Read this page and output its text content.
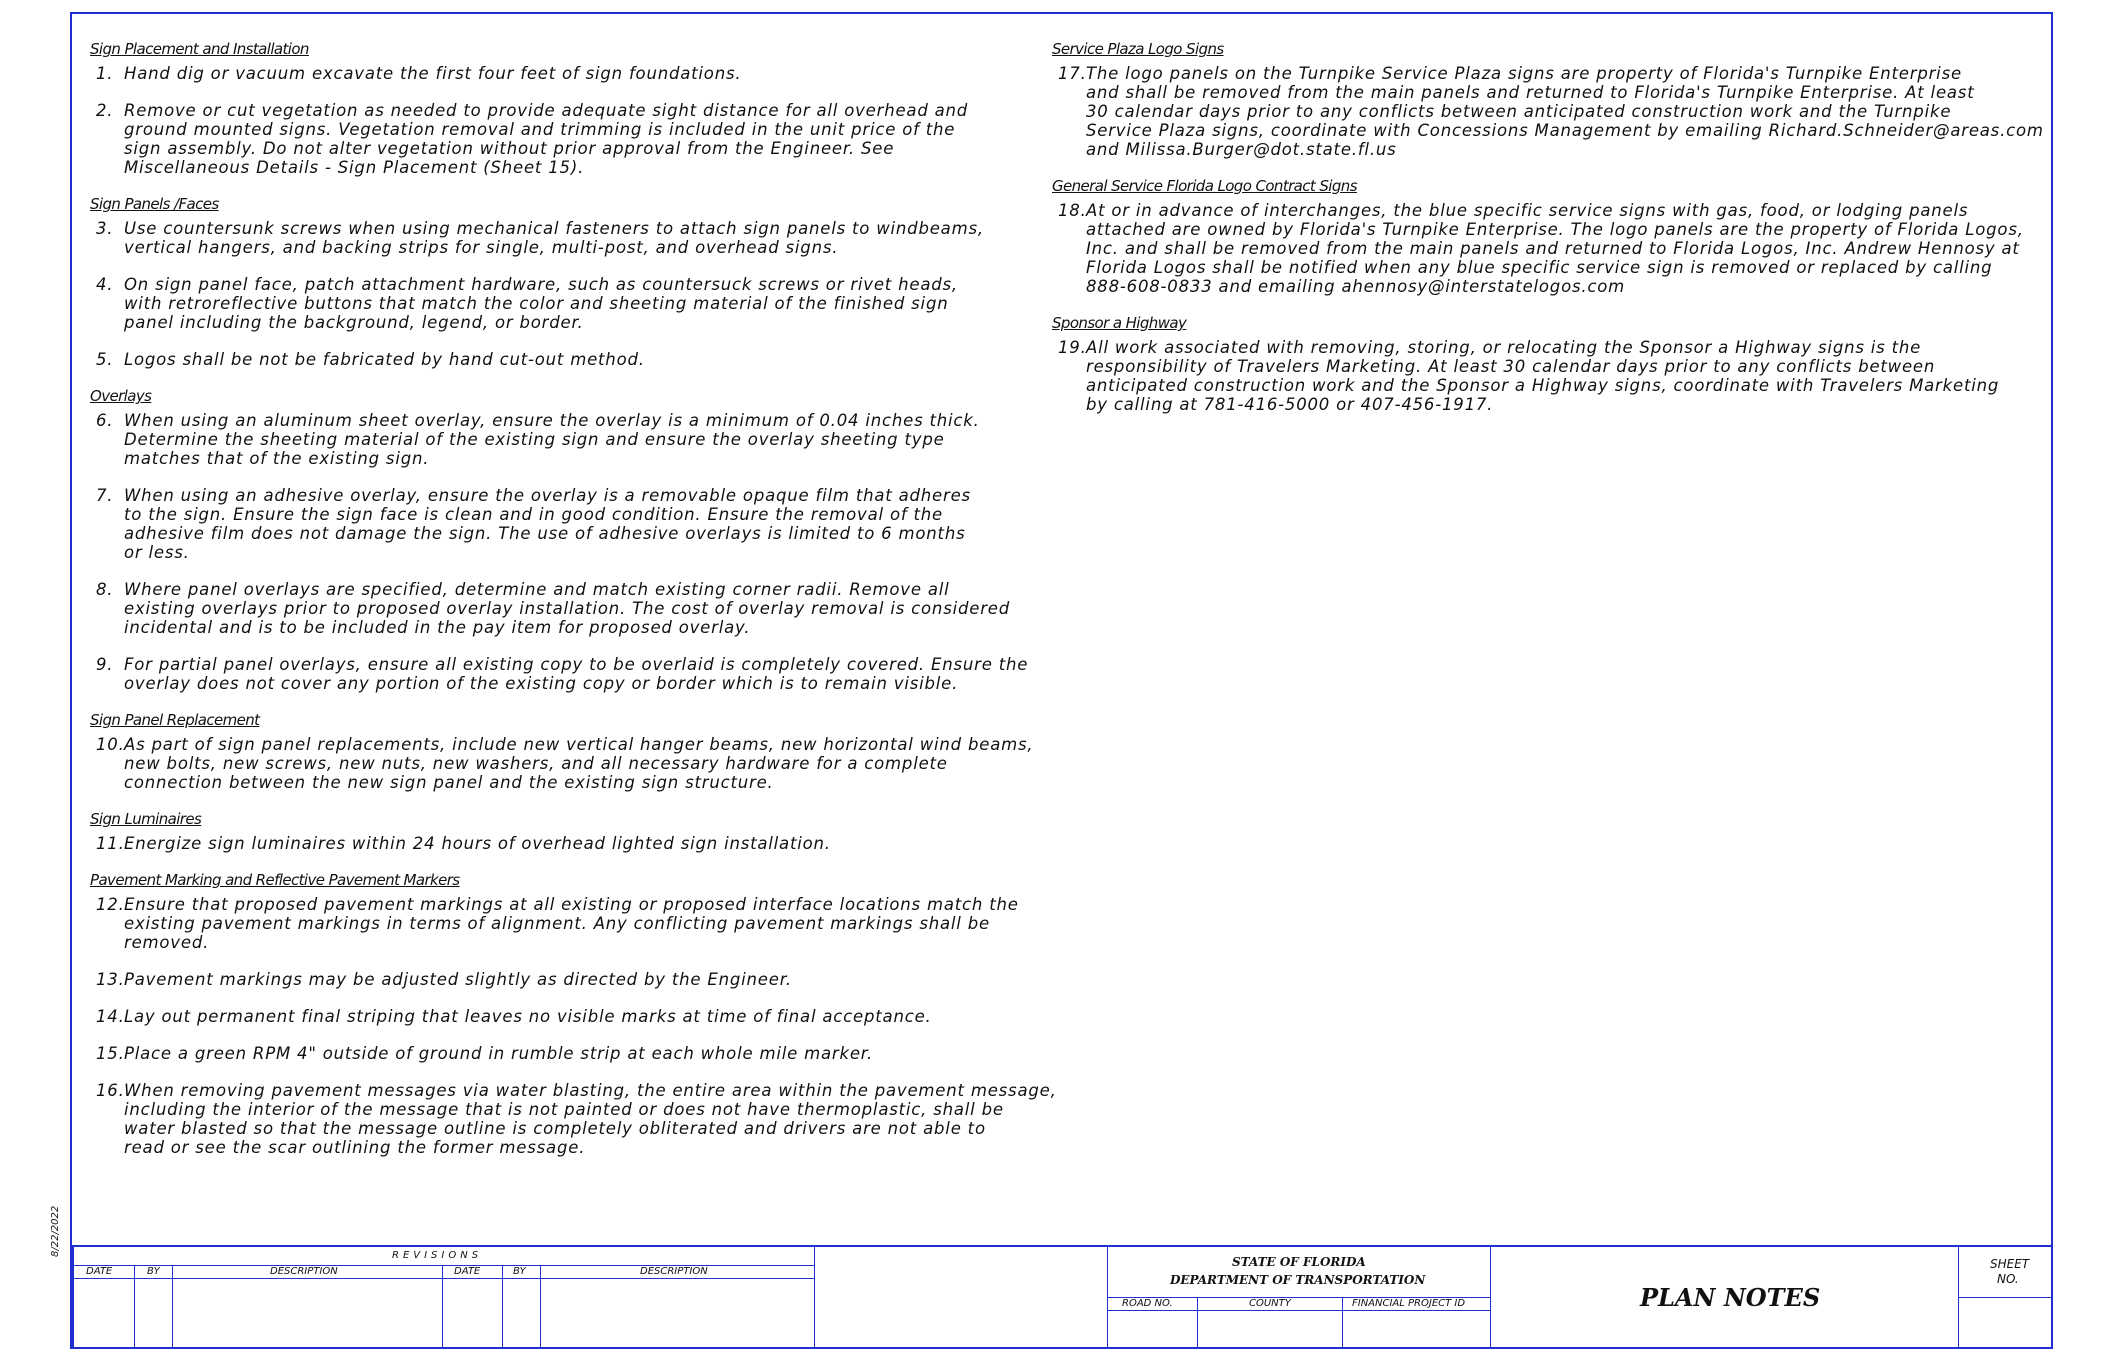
8/22/2022
Sign Placement and Installation
1. Hand dig or vacuum excavate the first four feet of sign foundations.
2. Remove or cut vegetation as needed to provide adequate sight distance for all overhead and
ground mounted signs. Vegetation removal and trimming is included in the unit price of the
sign assembly. Do not alter vegetation without prior approval from the Engineer. See
Miscellaneous Details - Sign Placement (Sheet 15).
Sign Panels /Faces
3. Use countersunk screws when using mechanical fasteners to attach sign panels to windbeams,
vertical hangers, and backing strips for single, multi-post, and overhead signs.
4. On sign panel face, patch attachment hardware, such as countersuck screws or rivet heads,
with retroreflective buttons that match the color and sheeting material of the finished sign
panel including the background, legend, or border.
5. Logos shall be not be fabricated by hand cut-out method.
Overlays
6. When using an aluminum sheet overlay, ensure the overlay is a minimum of 0.04 inches thick.
Determine the sheeting material of the existing sign and ensure the overlay sheeting type
matches that of the existing sign.
7. When using an adhesive overlay, ensure the overlay is a removable opaque film that adheres
to the sign. Ensure the sign face is clean and in good condition. Ensure the removal of the
adhesive film does not damage the sign. The use of adhesive overlays is limited to 6 months
or less.
8. Where panel overlays are specified, determine and match existing corner radii. Remove all
existing overlays prior to proposed overlay installation. The cost of overlay removal is considered
incidental and is to be included in the pay item for proposed overlay.
9. For partial panel overlays, ensure all existing copy to be overlaid is completely covered. Ensure the
overlay does not cover any portion of the existing copy or border which is to remain visible.
Sign Panel Replacement
10. As part of sign panel replacements, include new vertical hanger beams, new horizontal wind beams,
new bolts, new screws, new nuts, new washers, and all necessary hardware for a complete
connection between the new sign panel and the existing sign structure.
Sign Luminaires
11. Energize sign luminaires within 24 hours of overhead lighted sign installation.
Pavement Marking and Reflective Pavement Markers
12. Ensure that proposed pavement markings at all existing or proposed interface locations match the
existing pavement markings in terms of alignment. Any conflicting pavement markings shall be removed.
13. Pavement markings may be adjusted slightly as directed by the Engineer.
14. Lay out permanent final striping that leaves no visible marks at time of final acceptance.
15. Place a green RPM 4" outside of ground in rumble strip at each whole mile marker.
16. When removing pavement messages via water blasting, the entire area within the pavement message,
including the interior of the message that is not painted or does not have thermoplastic, shall be
water blasted so that the message outline is completely obliterated and drivers are not able to
read or see the scar outlining the former message.
Service Plaza Logo Signs
17. The logo panels on the Turnpike Service Plaza signs are property of Florida's Turnpike Enterprise
and shall be removed from the main panels and returned to Florida's Turnpike Enterprise. At least
30 calendar days prior to any conflicts between anticipated construction work and the Turnpike
Service Plaza signs, coordinate with Concessions Management by emailing Richard.Schneider@areas.com
and Milissa.Burger@dot.state.fl.us
General Service Florida Logo Contract Signs
18. At or in advance of interchanges, the blue specific service signs with gas, food, or lodging panels
attached are owned by Florida's Turnpike Enterprise. The logo panels are the property of Florida Logos,
Inc. and shall be removed from the main panels and returned to Florida Logos, Inc. Andrew Hennosy at
Florida Logos shall be notified when any blue specific service sign is removed or replaced by calling
888-608-0833 and emailing ahennosy@interstatelogos.com
Sponsor a Highway
19. All work associated with removing, storing, or relocating the Sponsor a Highway signs is the
responsibility of Travelers Marketing. At least 30 calendar days prior to any conflicts between
anticipated construction work and the Sponsor a Highway signs, coordinate with Travelers Marketing
by calling at 781-416-5000 or 407-456-1917.
REVISIONS
DATE	BY	DESCRIPTION	DATE	BY	DESCRIPTION
STATE OF FLORIDA
DEPARTMENT OF TRANSPORTATION
ROAD NO.	COUNTY	FINANCIAL PROJECT ID	PLAN NOTES
SHEET
NO.
